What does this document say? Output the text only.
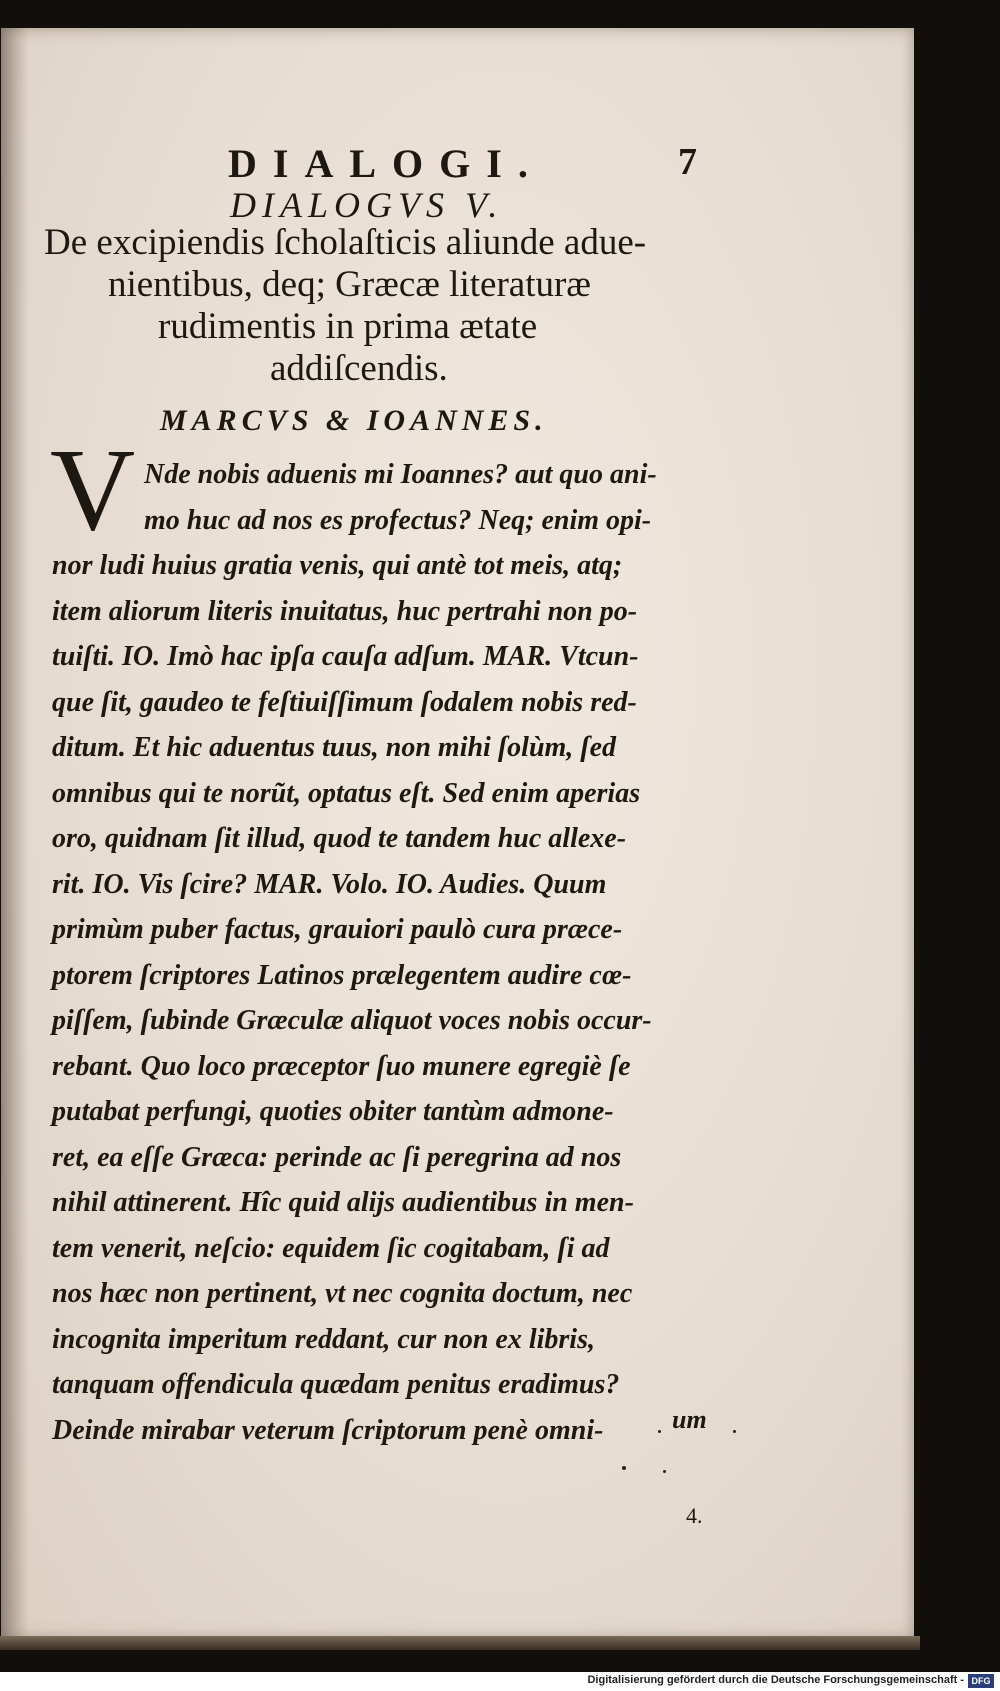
DIALOGI.	7
DIALOGVS V.
De excipiendis ſcholaſticis aliunde adue-
nientibus, deq; Græcæ literaturæ
rudimentis in prima ætate
addiſcendis.
MARCVS & IOANNES.
V Nde nobis aduenis mi Ioannes? aut quo ani-
mo huc ad nos es profectus? Neq; enim opi-
nor ludi huius gratia venis, qui antè tot meis, atq;
item aliorum literis inuitatus, huc pertrahi non po-
tuiſti. IO. Imò hac ipſa cauſa adſum. MAR. Vtcun-
que ſit, gaudeo te feſtiuiſſimum ſodalem nobis red-
ditum. Et hic aduentus tuus, non mihi ſolùm, ſed
omnibus qui te norũt, optatus eſt. Sed enim aperias
oro, quidnam ſit illud, quod te tandem huc allexe-
rit. IO. Vis ſcire? MAR. Volo. IO. Audies. Quum
primùm puber factus, grauiori paulò cura præce-
ptorem ſcriptores Latinos prælegentem audire cœ-
piſſem, ſubinde Græculæ aliquot voces nobis occur-
rebant. Quo loco præceptor ſuo munere egregiè ſe
putabat perfungi, quoties obiter tantùm admone-
ret, ea eſſe Græca: perinde ac ſi peregrina ad nos
nihil attinerent. Hîc quid alijs audientibus in men-
tem venerit, neſcio: equidem ſic cogitabam, ſi ad
nos hæc non pertinent, vt nec cognita doctum, nec
incognita imperitum reddant, cur non ex libris,
tanquam offendicula quædam penitus eradimus?
Deinde mirabar veterum ſcriptorum penè omni-	um
4.
Digitalisierung gefördert durch die Deutsche Forschungsgemeinschaft - DFG
